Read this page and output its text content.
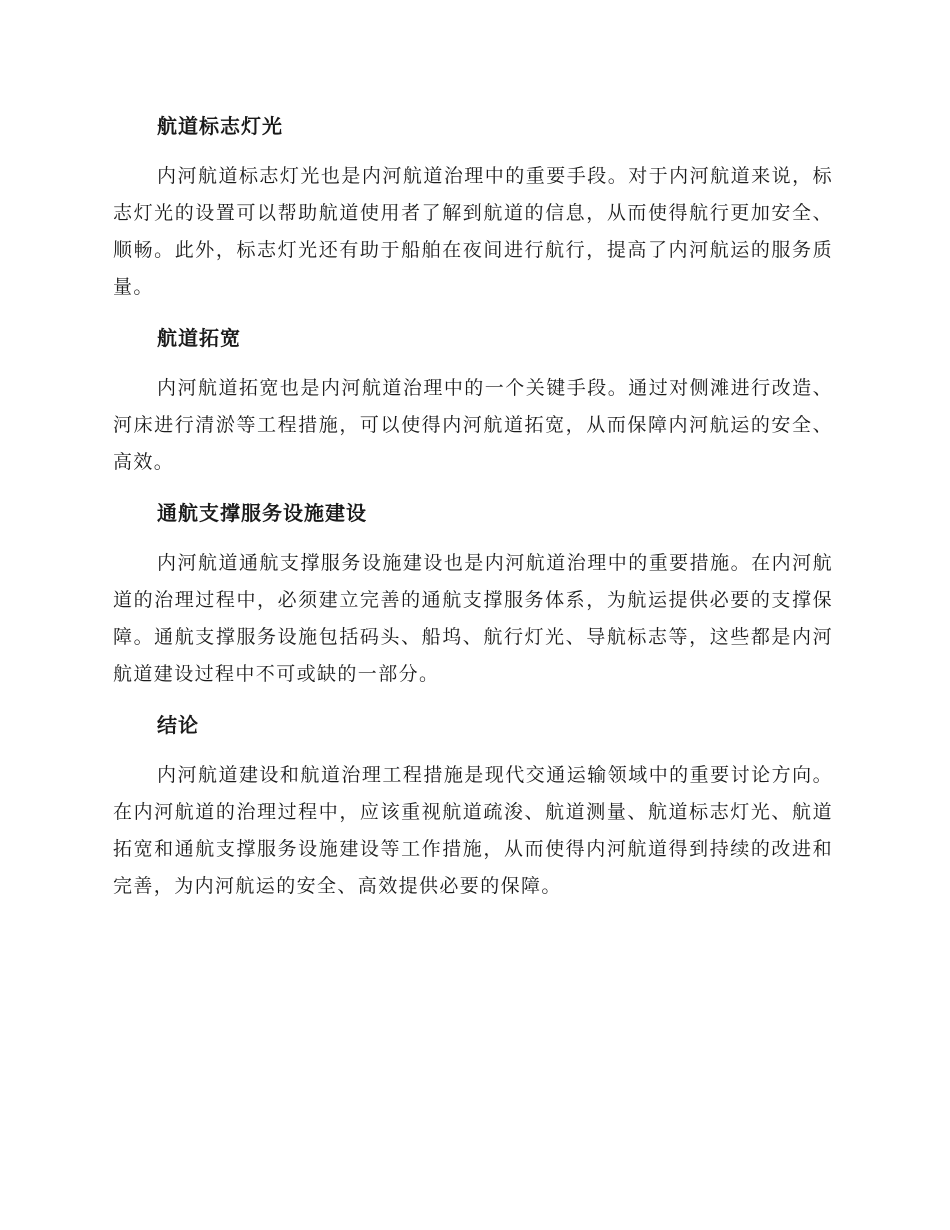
航道标志灯光

内河航道标志灯光也是内河航道治理中的重要手段。对于内河航道来说，标志灯光的设置可以帮助航道使用者了解到航道的信息，从而使得航行更加安全、顺畅。此外，标志灯光还有助于船舶在夜间进行航行，提高了内河航运的服务质量。

航道拓宽

内河航道拓宽也是内河航道治理中的一个关键手段。通过对侧滩进行改造、河床进行清淤等工程措施，可以使得内河航道拓宽，从而保障内河航运的安全、高效。

通航支撑服务设施建设

内河航道通航支撑服务设施建设也是内河航道治理中的重要措施。在内河航道的治理过程中，必须建立完善的通航支撑服务体系，为航运提供必要的支撑保障。通航支撑服务设施包括码头、船坞、航行灯光、导航标志等，这些都是内河航道建设过程中不可或缺的一部分。

结论

内河航道建设和航道治理工程措施是现代交通运输领域中的重要讨论方向。在内河航道的治理过程中，应该重视航道疏浚、航道测量、航道标志灯光、航道拓宽和通航支撑服务设施建设等工作措施，从而使得内河航道得到持续的改进和完善，为内河航运的安全、高效提供必要的保障。
